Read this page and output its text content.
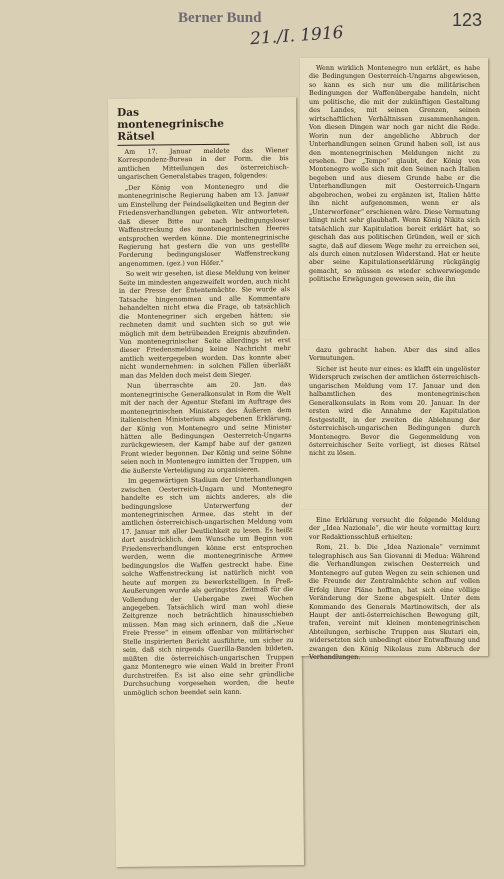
Berner Bund
21./I. 1916
123

Das montenegrinische Rätsel

Am 17. Januar meldete das Wiener Korrespondenz-Bureau in der Form, die bis amtlichen Mitteilungen des österreichisch-ungarischen Generalstabes tragen, folgendes:

„Der König von Montenegro und die montenegrinische Regierung haben am 13. Januar um Einstellung der Feindseligkeiten und Beginn der Friedensverhandlungen gebeten. Wir antworteten, daß dieser Bitte nur nach bedingungsloser Waffenstreckung des montenegrinischen Heeres entsprochen werden könne. Die montenegrinische Regierung hat gestern die von uns gestellte Forderung bedingungsloser Waffenstreckung angenommen. (gez.) von Höfer.“

So weit wir gesehen, ist diese Meldung von keiner Seite im mindesten angezweifelt worden, auch nicht in der Presse der Ententemächte. Sie wurde als Tatsache hingenommen und alle Kommentare behandelten nicht etwa die Frage, ob tatsächlich die Montenegriner sich ergeben hätten; sie rechneten damit und suchten sich so gut wie möglich mit dem betrübenden Ereignis abzufinden. Von montenegrinischer Seite allerdings ist erst dieser Friedensmeldung keine Nachricht mehr amtlich weitergegeben worden. Das konnte aber nicht wundernehmen: in solchen Fällen überläßt man das Melden doch meist dem Sieger.

Nun überraschte am 20. Jan. das montenegrinische Generalkonsulat in Rom die Welt mit der nach der Agentur Stefani im Auftrage des montenegrinischen Ministers des Äußeren dem italienischen Ministerium abgegebenen Erklärung, der König von Montenegro und seine Minister hätten alle Bedingungen Oesterreich-Ungarns zurückgewiesen, der Kampf habe auf der ganzen Front wieder begonnen. Der König und seine Söhne seien noch in Montenegro inmitten der Truppen, um die äußerste Verteidigung zu organisieren.

Im gegenwärtigen Stadium der Unterhandlungen zwischen Oesterreich-Ungarn und Montenegro handelte es sich um nichts anderes, als die bedingungslose Unterwerfung der montenegrinischen Armee, das steht in der amtlichen österreichisch-ungarischen Meldung vom 17. Januar mit aller Deutlichkeit zu lesen. Es heißt dort ausdrücklich, dem Wunsche um Beginn von Friedensverhandlungen könne erst entsprochen werden, wenn die montenegrinische Armee bedingungslos die Waffen gestreckt habe. Eine solche Waffenstreckung ist natürlich nicht von heute auf morgen zu bewerkstelligen. In Preß-Aeußerungen wurde als geringstes Zeitmaß für die Vollendung der Uebergabe zwei Wochen angegeben. Tatsächlich wird man wohl diese Zeitgrenze noch beträchtlich hinausschieben müssen. Man mag sich erinnern, daß die „Neue Freie Presse“ in einem offenbar von militärischer Stelle inspirierten Bericht ausführte, um sicher zu sein, daß sich nirgends Guerilla-Banden bildeten, müßten die österreichisch-ungarischen Truppen ganz Montenegro wie einen Wald in breiter Front durchstreifen. Es ist also eine sehr gründliche Durchsuchung vorgesehen worden, die heute unmöglich schon beendet sein kann.

Wenn wirklich Montenegro nun erklärt, es habe die Bedingungen Oesterreich-Ungarns abgewiesen, so kann es sich nur um die militärischen Bedingungen der Waffenübergabe handeln, nicht um politische, die mit der zukünftigen Gestaltung des Landes, mit seinen Grenzen, seinen wirtschaftlichen Verhältnissen zusammenhangen. Von diesen Dingen war noch gar nicht die Rede. Worin nun der angebliche Abbruch der Unterhandlungen seinen Grund haben soll, ist aus den montenegrinischen Meldungen nicht zu ersehen. Der „Tempo“ glaubt, der König von Montenegro wolle sich mit den Seinen nach Italien begeben und aus diesem Grunde habe er die Unterhandlungen mit Oesterreich-Ungarn abgebrochen, wobei zu ergänzen ist, Italien hätte ihn nicht aufgenommen, wenn er als „Unterworfener“ erschienen wäre. Diese Vermutung klingt nicht sehr glaubhaft. Wenn König Nikita sich tatsächlich zur Kapitulation bereit erklärt hat, so geschah das aus politischen Gründen, weil er sich sagte, daß auf diesem Wege mehr zu erreichen sei, als durch einen nutzlosen Widerstand. Hat er heute aber seine Kapitulationserklärung rückgängig gemacht, so müssen es wieder schwerwiegende politische Erwägungen gewesen sein, die ihn

dazu gebracht haben. Aber das sind alles Vermutungen.

Sicher ist heute nur eines: es klafft ein ungelöster Widerspruch zwischen der amtlichen österreichisch-ungarischen Meldung vom 17. Januar und den halbamtlichen des montenegrinischen Generalkonsulats in Rom vom 20. Januar. In der ersten wird die Annahme der Kapitulation festgestellt, in der zweiten die Ablehnung der österreichisch-ungarischen Bedingungen durch Montenegro. Bevor die Gegenmeldung von österreichischer Seite vorliegt, ist dieses Rätsel nicht zu lösen.

Eine Erklärung versucht die folgende Meldung der „Idea Nazionale“, die wir heute vormittag kurz vor Redaktionsschluß erhielten:

Rom, 21. b. Die „Idea Nazionale“ vernimmt telegraphisch aus San Giovanni di Medua: Während die Verhandlungen zwischen Oesterreich und Montenegro auf guten Wegen zu sein schienen und die Freunde der Zentralmächte schon auf vollen Erfolg ihrer Pläne hofften, hat sich eine völlige Veränderung der Szene abgespielt. Unter dem Kommando des Generals Martinowitsch, der als Haupt der anti-österreichischen Bewegung gilt, trafen, vereint mit kleinen montenegrinischen Abteilungen, serbische Truppen aus Skutari ein, widersetzten sich unbedingt einer Entwaffnung und zwangen den König Nikolaus zum Abbruch der Verhandlungen.
